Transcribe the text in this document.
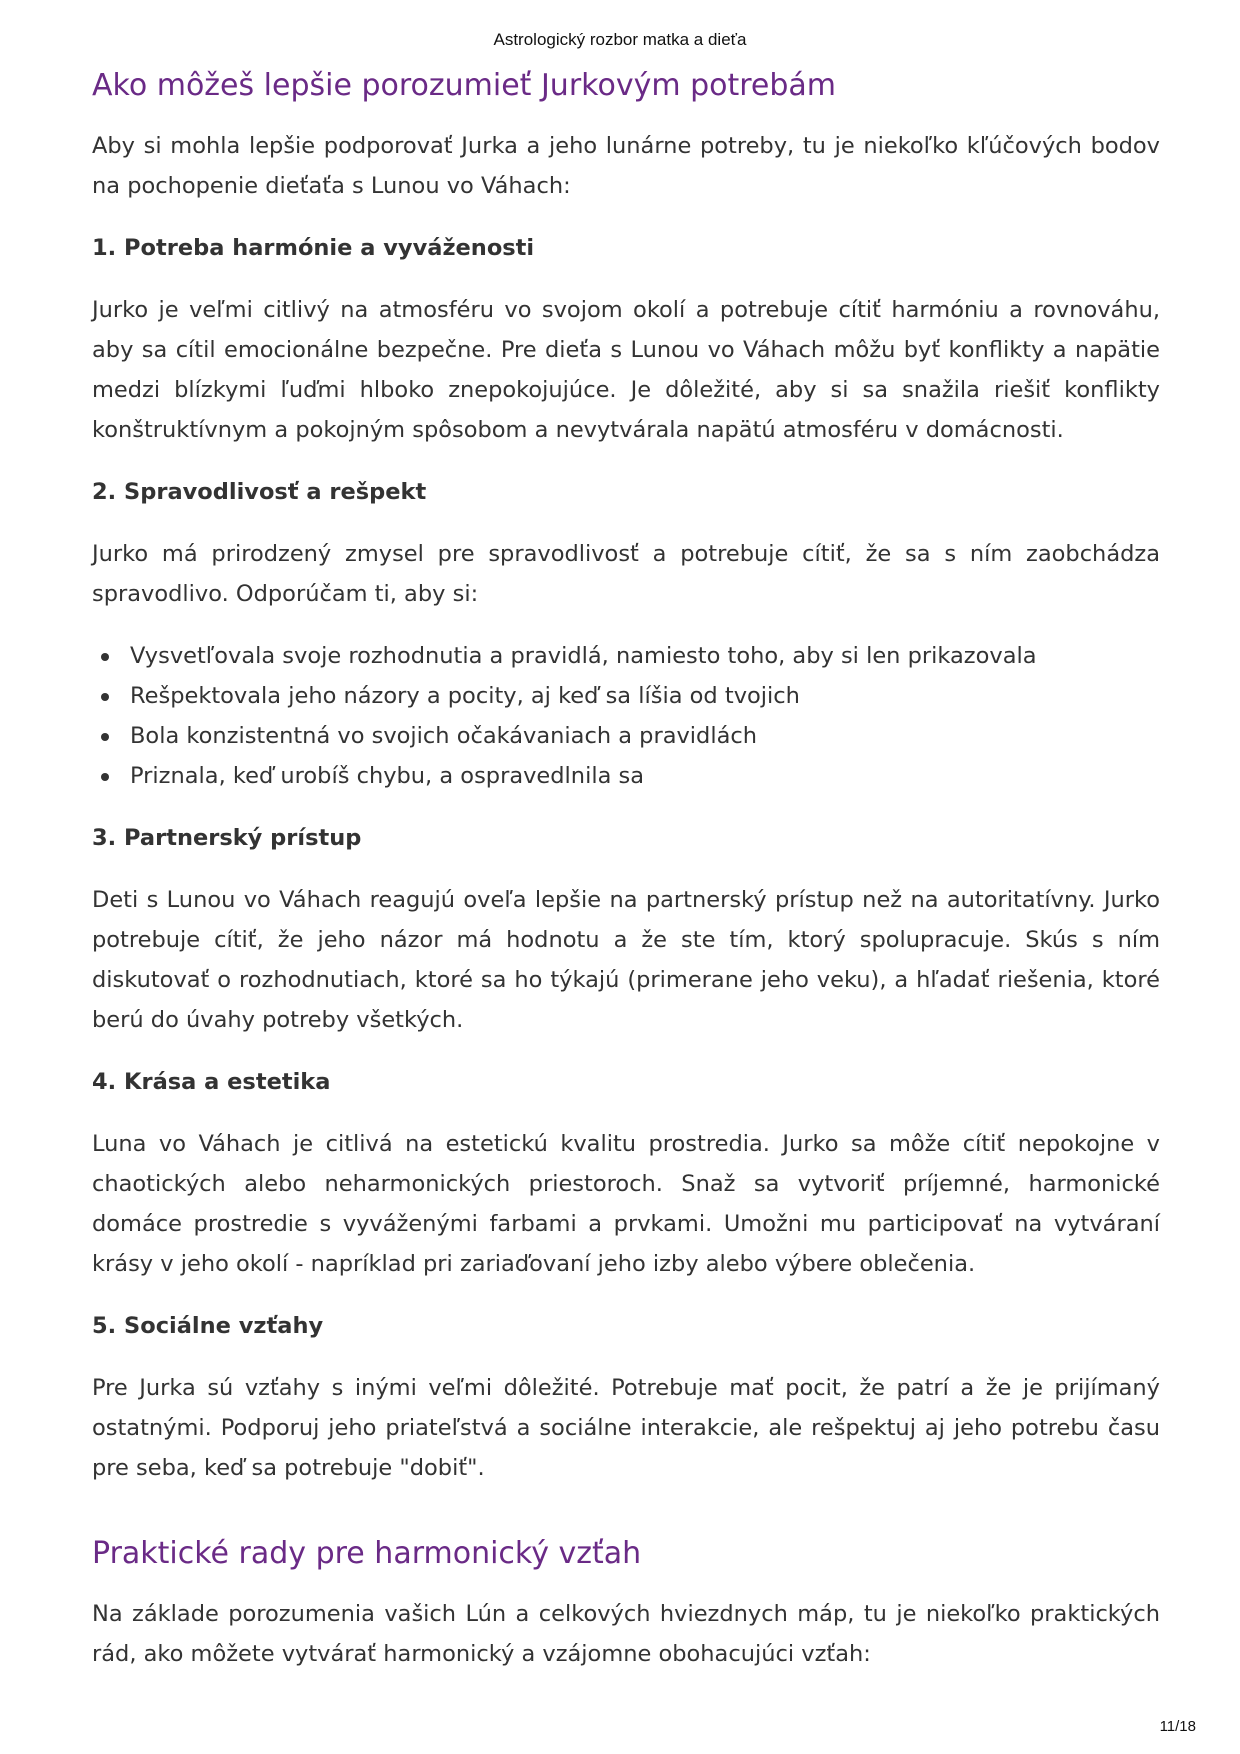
Astrologický rozbor matka a dieťa
Ako môžeš lepšie porozumieť Jurkovým potrebám

Aby si mohla lepšie podporovať Jurka a jeho lunárne potreby, tu je niekoľko kľúčových bodov na pochopenie dieťaťa s Lunou vo Váhach:

1. Potreba harmónie a vyváženosti

Jurko je veľmi citlivý na atmosféru vo svojom okolí a potrebuje cítiť harmóniu a rovnováhu, aby sa cítil emocionálne bezpečne. Pre dieťa s Lunou vo Váhach môžu byť konflikty a napätie medzi blízkymi ľuďmi hlboko znepokojujúce. Je dôležité, aby si sa snažila riešiť konflikty konštruktívnym a pokojným spôsobom a nevytvárala napätú atmosféru v domácnosti.

2. Spravodlivosť a rešpekt

Jurko má prirodzený zmysel pre spravodlivosť a potrebuje cítiť, že sa s ním zaobchádza spravodlivo. Odporúčam ti, aby si:

Vysvetľovala svoje rozhodnutia a pravidlá, namiesto toho, aby si len prikazovala
Rešpektovala jeho názory a pocity, aj keď sa líšia od tvojich
Bola konzistentná vo svojich očakávaniach a pravidlách
Priznala, keď urobíš chybu, a ospravedlnila sa
3. Partnerský prístup

Deti s Lunou vo Váhach reagujú oveľa lepšie na partnerský prístup než na autoritatívny. Jurko potrebuje cítiť, že jeho názor má hodnotu a že ste tím, ktorý spolupracuje. Skús s ním diskutovať o rozhodnutiach, ktoré sa ho týkajú (primerane jeho veku), a hľadať riešenia, ktoré berú do úvahy potreby všetkých.

4. Krása a estetika

Luna vo Váhach je citlivá na estetickú kvalitu prostredia. Jurko sa môže cítiť nepokojne v chaotických alebo neharmonických priestoroch. Snaž sa vytvoriť príjemné, harmonické domáce prostredie s vyváženými farbami a prvkami. Umožni mu participovať na vytváraní krásy v jeho okolí - napríklad pri zariaďovaní jeho izby alebo výbere oblečenia.

5. Sociálne vzťahy

Pre Jurka sú vzťahy s inými veľmi dôležité. Potrebuje mať pocit, že patrí a že je prijímaný ostatnými. Podporuj jeho priateľstvá a sociálne interakcie, ale rešpektuj aj jeho potrebu času pre seba, keď sa potrebuje "dobiť".

Praktické rady pre harmonický vzťah

Na základe porozumenia vašich Lún a celkových hviezdnych máp, tu je niekoľko praktických rád, ako môžete vytvárať harmonický a vzájomne obohacujúci vzťah:

11/18
